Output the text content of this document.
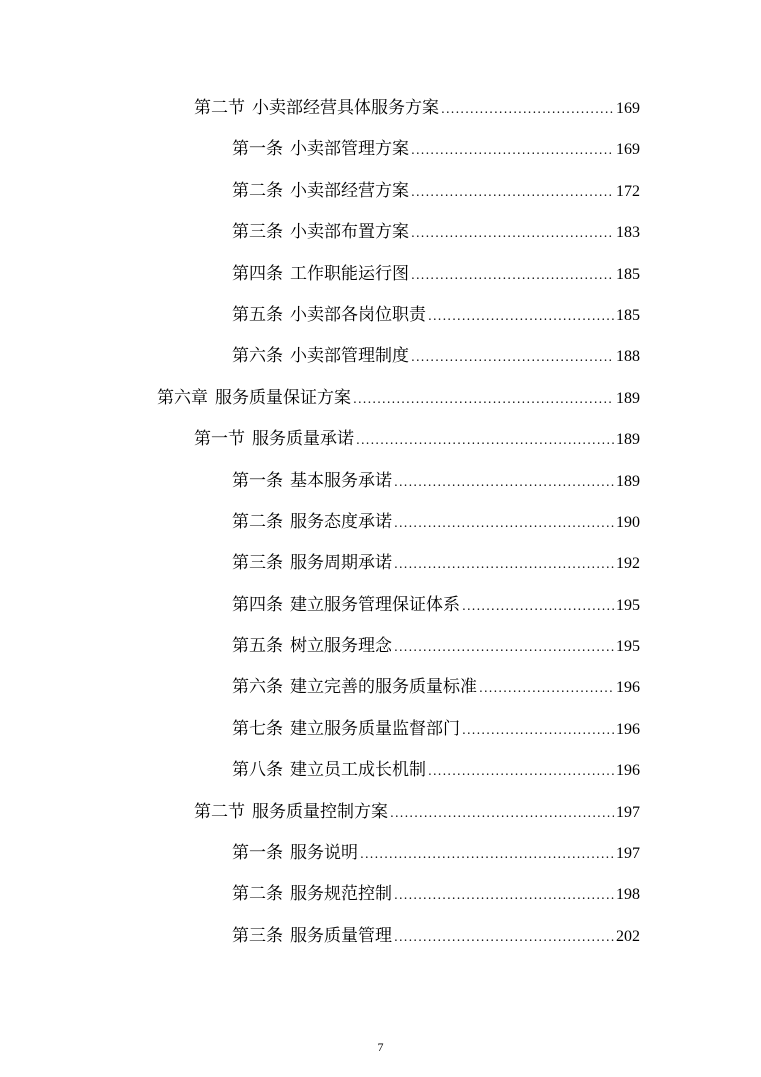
第二节 小卖部经营具体服务方案 .....	169
第一条 小卖部管理方案 .....	169
第二条 小卖部经营方案 .....	172
第三条 小卖部布置方案 .....	183
第四条 工作职能运行图 .....	185
第五条 小卖部各岗位职责 .....	185
第六条 小卖部管理制度 .....	188
第六章 服务质量保证方案 .....	189
第一节 服务质量承诺 .....	189
第一条 基本服务承诺 .....	189
第二条 服务态度承诺 .....	190
第三条 服务周期承诺 .....	192
第四条 建立服务管理保证体系 .....	195
第五条 树立服务理念 .....	195
第六条 建立完善的服务质量标准 .....	196
第七条 建立服务质量监督部门 .....	196
第八条 建立员工成长机制 .....	196
第二节 服务质量控制方案 .....	197
第一条 服务说明 .....	197
第二条 服务规范控制 .....	198
第三条 服务质量管理 .....	202
7
